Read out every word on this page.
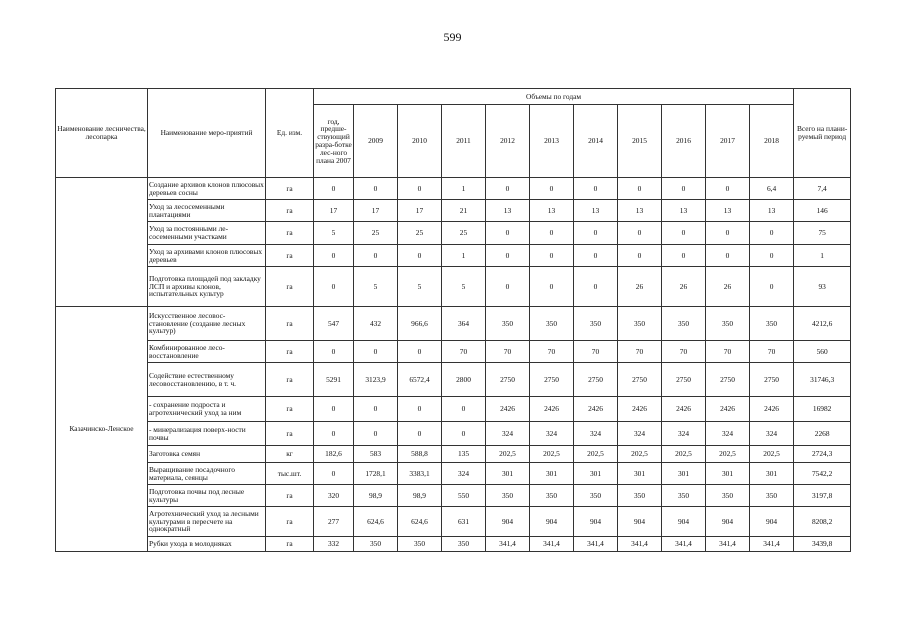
599
Наименование лесничества, лесопарка	Наименование меро-приятий	Ед. изм.	Объемы по годам											Всего на плани-руемый период
			год, предше-ствующий разра-ботке лес-ного плана 2007	2009	2010	2011	2012	2013	2014	2015	2016	2017	2018	
	Создание архивов клонов плюсовых деревьев сосны	га	0	0	0	1	0	0	0	0	0	0	6,4	7,4
	Уход за лесосеменными плантациями	га	17	17	17	21	13	13	13	13	13	13	13	146
	Уход за постоянными ле-сосеменными участками	га	5	25	25	25	0	0	0	0	0	0	0	75
	Уход за архивами клонов плюсовых деревьев	га	0	0	0	1	0	0	0	0	0	0	0	1
	Подготовка площадей под закладку ЛСП и архивы клонов, испытательных культур	га	0	5	5	5	0	0	0	26	26	26	0	93
Казачинско-Ленское	Искусственное лесовос-становление (создание лесных культур)	га	547	432	966,6	364	350	350	350	350	350	350	350	4212,6
	Комбинированное лесо-восстановление	га	0	0	0	70	70	70	70	70	70	70	70	560
	Содействие естественному лесовосстановлению, в т. ч.	га	5291	3123,9	6572,4	2800	2750	2750	2750	2750	2750	2750	2750	31746,3
	- сохранение подроста и агротехнический уход за ним	га	0	0	0	0	2426	2426	2426	2426	2426	2426	2426	16982
	- минерализация поверх-ности почвы	га	0	0	0	0	324	324	324	324	324	324	324	2268
	Заготовка семян	кг	182,6	583	588,8	135	202,5	202,5	202,5	202,5	202,5	202,5	202,5	2724,3
	Выращивание посадочного материала, сеянцы	тыс.шт.	0	1728,1	3383,1	324	301	301	301	301	301	301	301	7542,2
	Подготовка почвы под лесные культуры	га	320	98,9	98,9	550	350	350	350	350	350	350	350	3197,8
	Агротехнический уход за лесными культурами в пересчете на однократный	га	277	624,6	624,6	631	904	904	904	904	904	904	904	8208,2
	Рубки ухода в молодняках	га	332	350	350	350	341,4	341,4	341,4	341,4	341,4	341,4	341,4	3439,8
